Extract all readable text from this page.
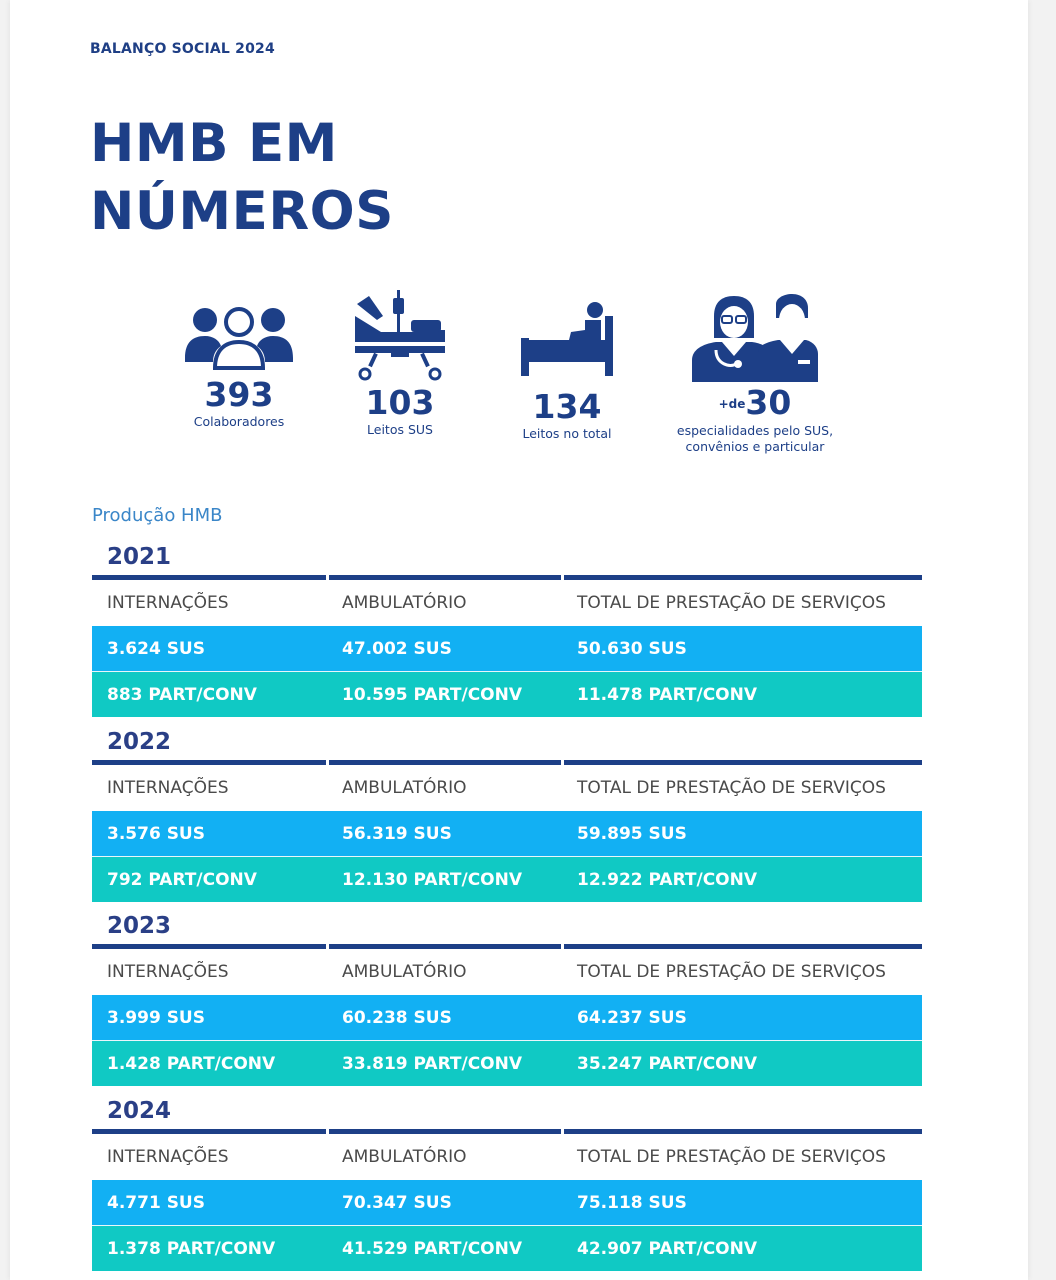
BALANÇO SOCIAL 2024
HMB EM
NÚMEROS
393
Colaboradores	103
Leitos SUS
134
Leitos no total
+de30
especialidades pelo SUS,
convênios e particular
Produção HMB
2021
INTERNAÇÕES	AMBULATÓRIO	TOTAL DE PRESTAÇÃO DE SERVIÇOS
3.624 SUS	47.002 SUS	50.630 SUS
883 PART/CONV	10.595 PART/CONV	11.478 PART/CONV
2022
INTERNAÇÕES	AMBULATÓRIO	TOTAL DE PRESTAÇÃO DE SERVIÇOS
3.576 SUS	56.319 SUS	59.895 SUS
792 PART/CONV	12.130 PART/CONV	12.922 PART/CONV
2023
INTERNAÇÕES	AMBULATÓRIO	TOTAL DE PRESTAÇÃO DE SERVIÇOS
3.999 SUS	60.238 SUS	64.237 SUS
1.428 PART/CONV	33.819 PART/CONV	35.247 PART/CONV
2024
INTERNAÇÕES	AMBULATÓRIO	TOTAL DE PRESTAÇÃO DE SERVIÇOS
4.771 SUS	70.347 SUS	75.118 SUS
1.378 PART/CONV	41.529 PART/CONV	42.907 PART/CONV
